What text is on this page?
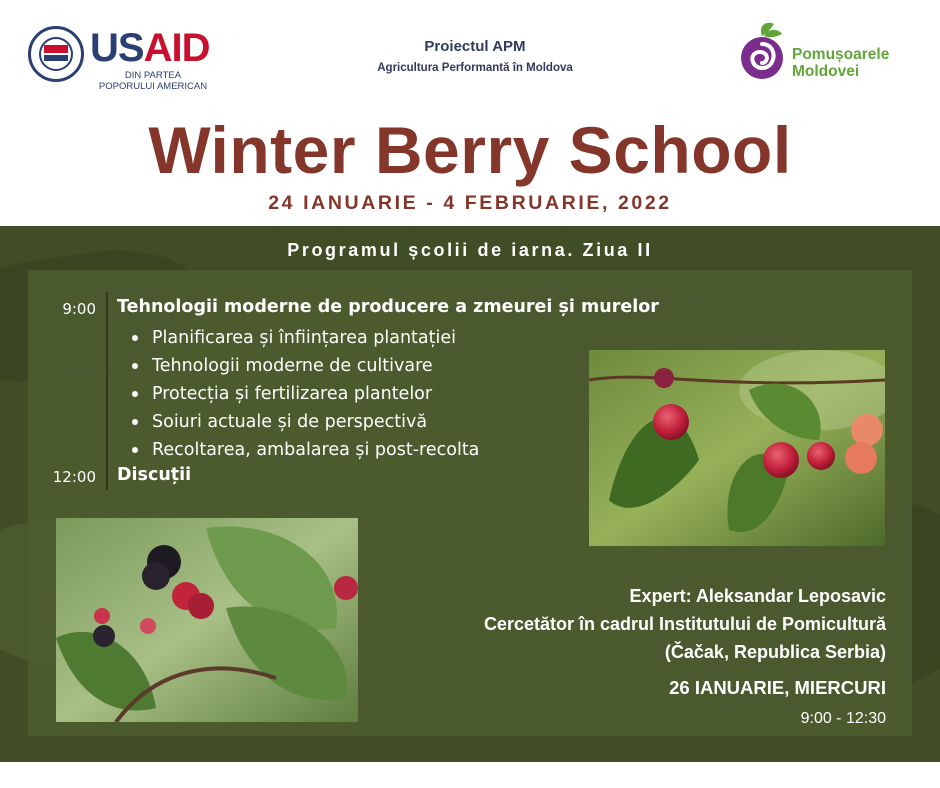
USAID
DIN PARTEA POPORULUI AMERICAN
Proiectul APM
Agricultura Performantă în Moldova
Pomușoarele
Moldovei
Winter Berry School
24 IANUARIE - 4 FEBRUARIE, 2022
Programul școlii de iarna. Ziua II
9:00 Tehnologii moderne de producere a zmeurei și murelor
Planificarea și înființarea plantației
Tehnologii moderne de cultivare
Protecția și fertilizarea plantelor
Soiuri actuale și de perspectivă
Recoltarea, ambalarea și post-recolta
12:00 Discuții
Expert: Aleksandar Leposavic
Cercetător în cadrul Institutului de Pomicultură
(Čačak, Republica Serbia)
26 IANUARIE, MIERCURI
9:00 - 12:30
